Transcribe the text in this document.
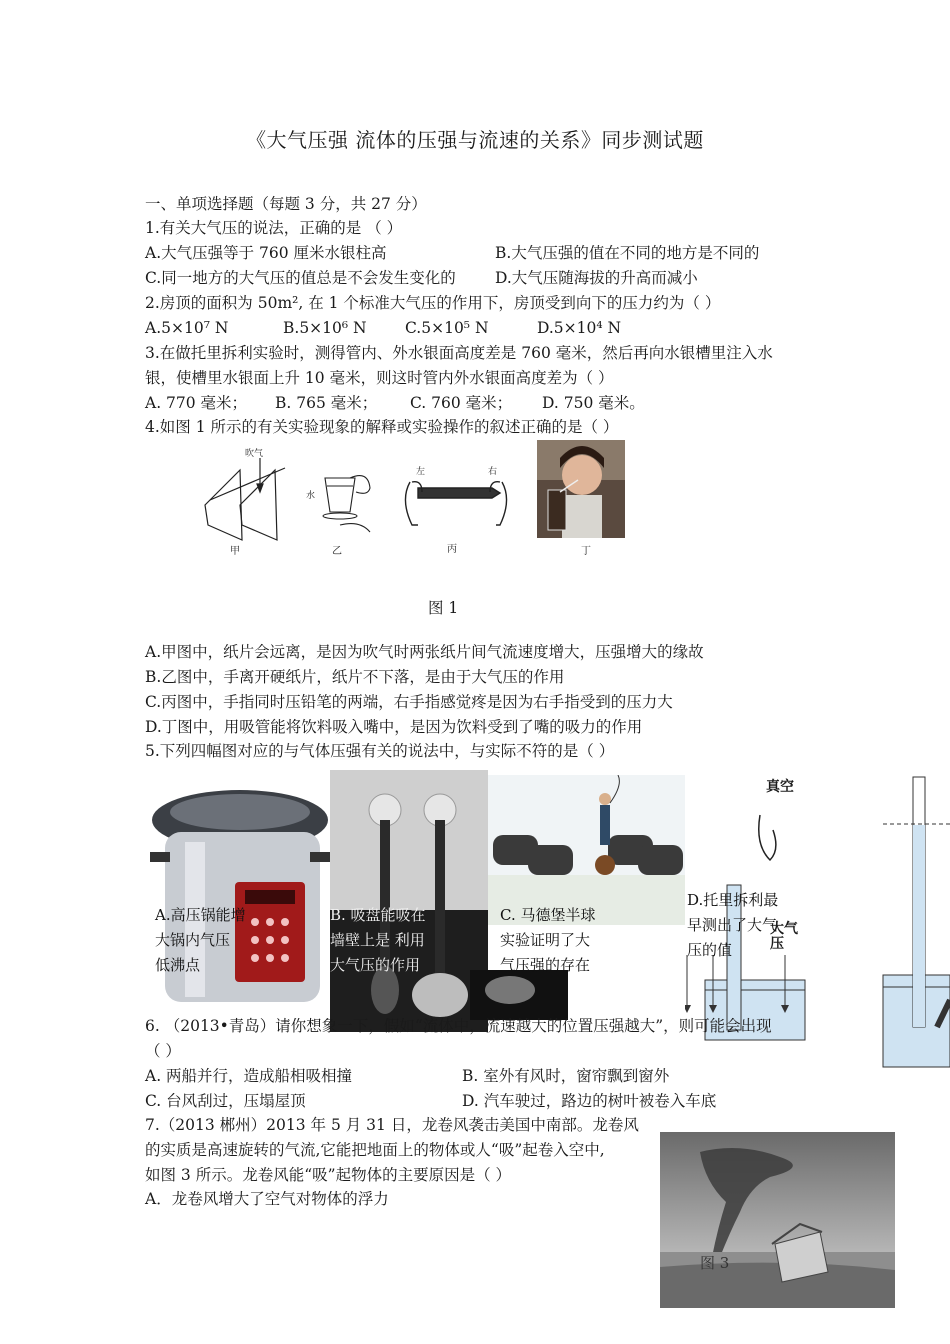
《大气压强 流体的压强与流速的关系》同步测试题
一、单项选择题（每题 3 分，共 27 分）
1.有关大气压的说法，正确的是 （ ）
A.大气压强等于 760 厘米水银柱高	B.大气压强的值在不同的地方是不同的
C.同一地方的大气压的值总是不会发生变化的	D.大气压随海拔的升高而减小
2.房顶的面积为 50m², 在 1 个标准大气压的作用下，房顶受到向下的压力约为（ ）
A.5×10⁷ N	B.5×10⁶ N C.5×10⁵ N	D.5×10⁴ N
3.在做托里拆利实验时，测得管内、外水银面高度差是 760 毫米，然后再向水银槽里注入水
银，使槽里水银面上升 10 毫米，则这时管内外水银面高度差为（ ）
A. 770 毫米； B. 765 毫米； C. 760 毫米； D. 750 毫米。
4.如图 1 所示的有关实验现象的解释或实验操作的叙述正确的是（ ）
吹气
甲
水
乙
左	右
丙	丁
图 1
A.甲图中，纸片会远离，是因为吹气时两张纸片间气流速度增大，压强增大的缘故
B.乙图中，手离开硬纸片，纸片不下落，是由于大气压的作用
C.丙图中，手指同时压铅笔的两端，右手指感觉疼是因为右手指受到的压力大
D.丁图中，用吸管能将饮料吸入嘴中，是因为饮料受到了嘴的吸力的作用
5.下列四幅图对应的与气体压强有关的说法中，与实际不符的是（ ）
真空
大气压
A.高压锅能增
大锅内气压
低沸点
B. 吸盘能吸在
墙壁上是 利用
大气压的作用
C. 马德堡半球
实验证明了大
气压强的存在
D.托里拆利最
早测出了大气
压的值
6. （2013•青岛）请你想象一下，假如“流体中，流速越大的位置压强越大”，则可能会出现
（ ）
A. 两船并行，造成船相吸相撞	B. 室外有风时，窗帘飘到窗外
C. 台风刮过，压塌屋顶	D. 汽车驶过，路边的树叶被卷入车底
7.（2013 郴州）2013 年 5 月 31 日，龙卷风袭击美国中南部。龙卷风
的实质是高速旋转的气流,它能把地面上的物体或人“吸”起卷入空中,
如图 3 所示。龙卷风能“吸”起物体的主要原因是（ ）
A．龙卷风增大了空气对物体的浮力
图 3
